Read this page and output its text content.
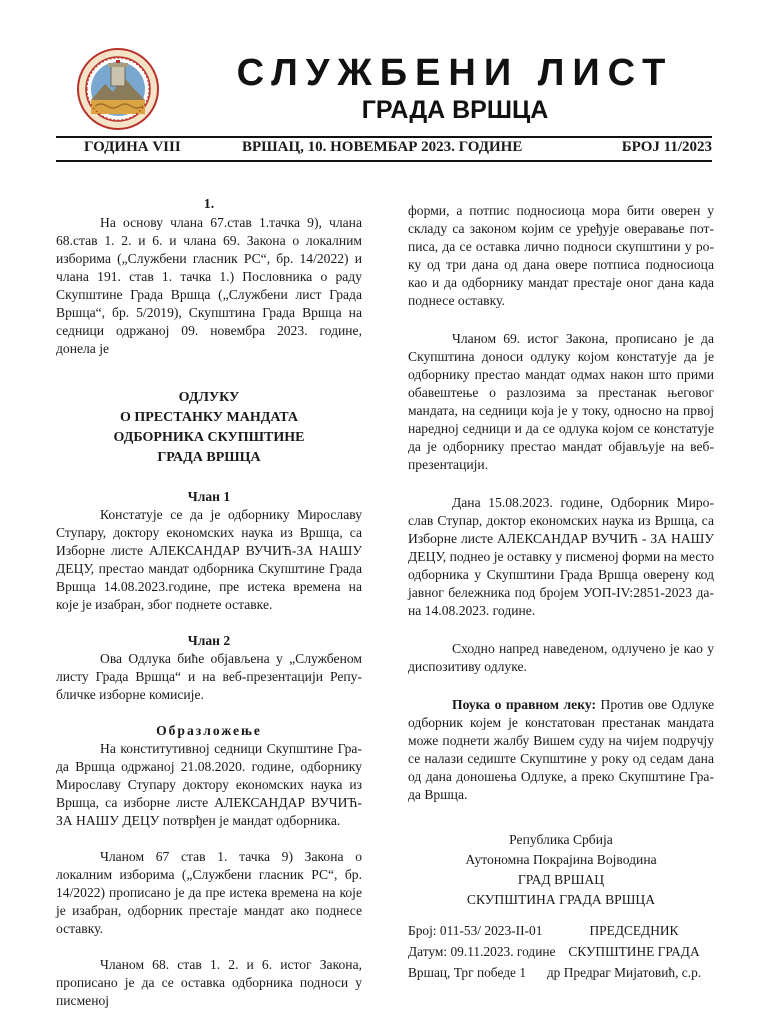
СЛУЖБЕНИ ЛИСТ
ГРАДА ВРШЦА
ГОДИНА VIII	ВРШАЦ, 10. НОВЕМБАР 2023. ГОДИНЕ	БРОЈ 11/2023

1.

На основу члана 67.став 1.тачка 9), члана 68.став 1. 2. и 6. и члана 69. Закона о локалним изборима („Службени гласник РС“, бр. 14/2022) и члана 191. став 1. тачка 1.) Пословника о раду Скупштине Града Вршца („Службени лист Града Вршца“, бр. 5/2019), Скупштина Града Вршца на седници одржаној 09. новембра 2023. године, донела је

ОДЛУКУ

О ПРЕСТАНКУ МАНДАТА ОДБОРНИКА СКУПШТИНЕ ГРАДА ВРШЦА

Члан 1

Констатује се да је одборнику Мирославу Ступару, доктору економских наука из Вршца, са Изборне листе АЛЕКСАНДАР ВУЧИЋ-ЗА НАШУ ДЕЦУ, престао мандат одборника Скупштине Града Вршца 14.08.2023.године, пре истека времена на које је изабран, због поднете оставке.

Члан 2

Ова Одлука биће објављена у „Службеном листу Града Вршца“ и на веб-презентацији Републичке изборне комисије.

Образложење

На конститутивној седници Скупштине Града Вршца одржаној 21.08.2020. године, одборнику Мирославу Ступару доктору економских наука из Вршца, са изборне листе АЛЕКСАНДАР ВУЧИЋ-ЗА НАШУ ДЕЦУ потврђен је мандат одборника.

Чланом 67 став 1. тачка 9) Закона о локалним изборима („Службени гласник РС“, бр. 14/2022) прописано је да пре истека времена на које је изабран, одборник престаје мандат ако поднесе оставку.

Чланом 68. став 1. 2. и 6. истог Закона, прописано је да се оставка одборника подноси у писменој

форми, а потпис подносиоца мора бити оверен у складу са законом којим се уређује оверавање потписа, да се оставка лично подноси скупштини у року од три дана од дана овере потписа подносиоца као и да одборнику мандат престаје оног дана када поднесе оставку.

Чланом 69. истог Закона, прописано је да Скупштина доноси одлуку којом констатује да је одборнику престао мандат одмах након што прими обавештење о разлозима за престанак његовог мандата, на седници која је у току, односно на првој наредној седници и да се одлука којом се констатује да је одборнику престао мандат објављује на вебпрезентацији.

Дана 15.08.2023. године, Одборник Мирослав Ступар, доктор економских наука из Вршца, са Изборне листе АЛЕКСАНДАР ВУЧИЋ - ЗА НАШУ ДЕЦУ, поднео је оставку у писменој форми на место одборника у Скупштини Града Вршца оверену код јавног бележника под бројем УОП-IV:2851-2023 дана 14.08.2023. године.

Сходно напред наведеном, одлучено је као у диспозитиву одлуке.

Поука о правном леку: Против ове Одлуке одборник којем је констатован престанак мандата може поднети жалбу Вишем суду на чијем подручју се налази седиште Скупштине у року од седам дана од дана доношења Одлуке, а преко Скупштине Града Вршца.

Република Србија
Аутономна Покрајина Војводина
ГРАД ВРШАЦ
СКУПШТИНА ГРАДА ВРШЦА
Број: 011-53/ 2023-II-01
Датум: 09.11.2023. године
Вршац, Трг победе 1
ПРЕДСЕДНИК
СКУПШТИНЕ ГРАДА
др Предраг Мијатовић, с.р.
